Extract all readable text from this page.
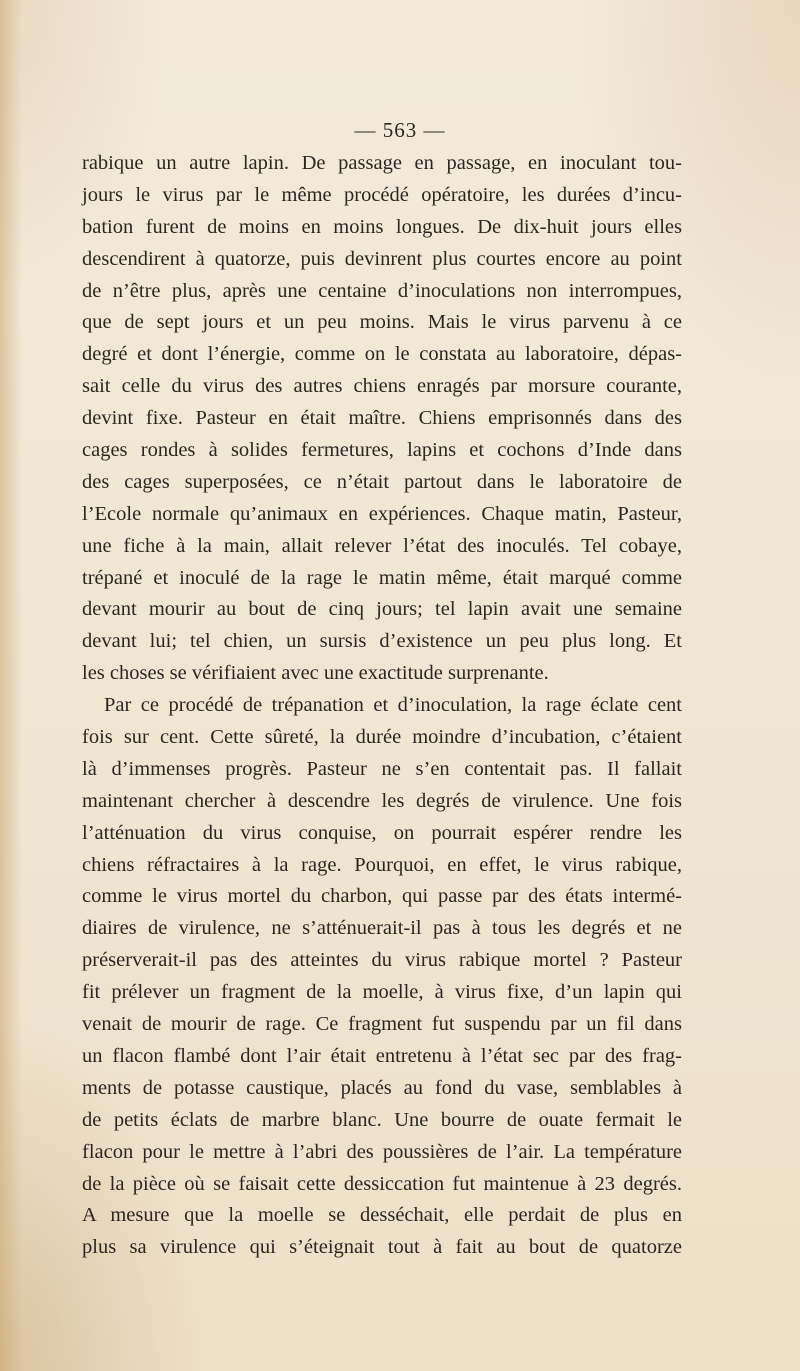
— 563 —
rabique un autre lapin. De passage en passage, en inoculant tou-
jours le virus par le même procédé opératoire, les durées d’incu-
bation furent de moins en moins longues. De dix-huit jours elles
descendirent à quatorze, puis devinrent plus courtes encore au point
de n’être plus, après une centaine d’inoculations non interrompues,
que de sept jours et un peu moins. Mais le virus parvenu à ce
degré et dont l’énergie, comme on le constata au laboratoire, dépas-
sait celle du virus des autres chiens enragés par morsure courante,
devint fixe. Pasteur en était maître. Chiens emprisonnés dans des
cages rondes à solides fermetures, lapins et cochons d’Inde dans
des cages superposées, ce n’était partout dans le laboratoire de
l’Ecole normale qu’animaux en expériences. Chaque matin, Pasteur,
une fiche à la main, allait relever l’état des inoculés. Tel cobaye,
trépané et inoculé de la rage le matin même, était marqué comme
devant mourir au bout de cinq jours; tel lapin avait une semaine
devant lui; tel chien, un sursis d’existence un peu plus long. Et
les choses se vérifiaient avec une exactitude surprenante.
Par ce procédé de trépanation et d’inoculation, la rage éclate cent
fois sur cent. Cette sûreté, la durée moindre d’incubation, c’étaient
là d’immenses progrès. Pasteur ne s’en contentait pas. Il fallait
maintenant chercher à descendre les degrés de virulence. Une fois
l’atténuation du virus conquise, on pourrait espérer rendre les
chiens réfractaires à la rage. Pourquoi, en effet, le virus rabique,
comme le virus mortel du charbon, qui passe par des états intermé-
diaires de virulence, ne s’atténuerait-il pas à tous les degrés et ne
préserverait-il pas des atteintes du virus rabique mortel ? Pasteur
fit prélever un fragment de la moelle, à virus fixe, d’un lapin qui
venait de mourir de rage. Ce fragment fut suspendu par un fil dans
un flacon flambé dont l’air était entretenu à l’état sec par des frag-
ments de potasse caustique, placés au fond du vase, semblables à
de petits éclats de marbre blanc. Une bourre de ouate fermait le
flacon pour le mettre à l’abri des poussières de l’air. La température
de la pièce où se faisait cette dessiccation fut maintenue à 23 degrés.
A mesure que la moelle se desséchait, elle perdait de plus en
plus sa virulence qui s’éteignait tout à fait au bout de quatorze
